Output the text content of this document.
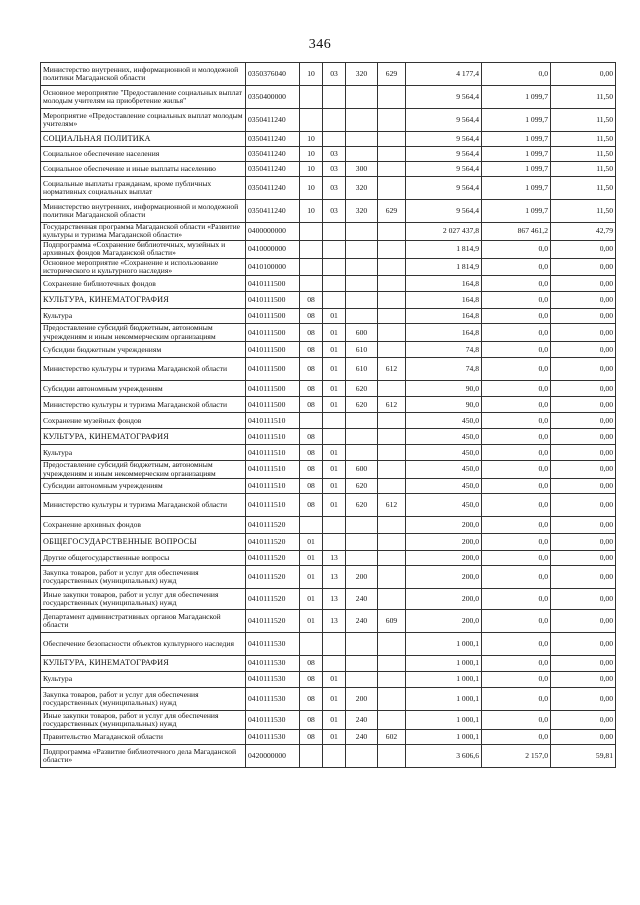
346
Министерство внутренних, информационной и молодежной политики Магаданской области	0350376040	10	03	320	629	4 177,4	0,0	0,00
Основное мероприятие "Предоставление социальных выплат молодым учителям на приобретение жилья"	0350400000					9 564,4	1 099,7	11,50
Мероприятие «Предоставление социальных выплат молодым учителям»	0350411240					9 564,4	1 099,7	11,50
СОЦИАЛЬНАЯ ПОЛИТИКА	0350411240	10				9 564,4	1 099,7	11,50
Социальное обеспечение населения	0350411240	10	03			9 564,4	1 099,7	11,50
Социальное обеспечение и иные выплаты населению	0350411240	10	03	300		9 564,4	1 099,7	11,50
Социальные выплаты гражданам, кроме публичных нормативных социальных выплат	0350411240	10	03	320		9 564,4	1 099,7	11,50
Министерство внутренних, информационной и молодежной политики Магаданской области	0350411240	10	03	320	629	9 564,4	1 099,7	11,50
Государственная программа Магаданской области «Развитие культуры и туризма Магаданской области»	0400000000					2 027 437,8	867 461,2	42,79
Подпрограмма «Сохранение библиотечных, музейных и архивных фондов Магаданской области»	0410000000					1 814,9	0,0	0,00
Основное мероприятие «Сохранение и использование исторического и культурного наследия»	0410100000					1 814,9	0,0	0,00
Сохранение библиотечных фондов	0410111500					164,8	0,0	0,00
КУЛЬТУРА, КИНЕМАТОГРАФИЯ	0410111500	08				164,8	0,0	0,00
Культура	0410111500	08	01			164,8	0,0	0,00
Предоставление субсидий бюджетным, автономным учреждениям и иным некоммерческим организациям	0410111500	08	01	600		164,8	0,0	0,00
Субсидии бюджетным учреждениям	0410111500	08	01	610		74,8	0,0	0,00
Министерство культуры и туризма Магаданской области	0410111500	08	01	610	612	74,8	0,0	0,00
Субсидии автономным учреждениям	0410111500	08	01	620		90,0	0,0	0,00
Министерство культуры и туризма Магаданской области	0410111500	08	01	620	612	90,0	0,0	0,00
Сохранение музейных фондов	0410111510					450,0	0,0	0,00
КУЛЬТУРА, КИНЕМАТОГРАФИЯ	0410111510	08				450,0	0,0	0,00
Культура	0410111510	08	01			450,0	0,0	0,00
Предоставление субсидий бюджетным, автономным учреждениям и иным некоммерческим организациям	0410111510	08	01	600		450,0	0,0	0,00
Субсидии автономным учреждениям	0410111510	08	01	620		450,0	0,0	0,00
Министерство культуры и туризма Магаданской области	0410111510	08	01	620	612	450,0	0,0	0,00
Сохранение архивных фондов	0410111520					200,0	0,0	0,00
ОБЩЕГОСУДАРСТВЕННЫЕ ВОПРОСЫ	0410111520	01				200,0	0,0	0,00
Другие общегосударственные вопросы	0410111520	01	13			200,0	0,0	0,00
Закупка товаров, работ и услуг для обеспечения государственных (муниципальных) нужд	0410111520	01	13	200		200,0	0,0	0,00
Иные закупки товаров, работ и услуг для обеспечения государственных (муниципальных) нужд	0410111520	01	13	240		200,0	0,0	0,00
Департамент административных органов Магаданской области	0410111520	01	13	240	609	200,0	0,0	0,00
Обеспечение безопасности объектов культурного наследия	0410111530					1 000,1	0,0	0,00
КУЛЬТУРА, КИНЕМАТОГРАФИЯ	0410111530	08				1 000,1	0,0	0,00
Культура	0410111530	08	01			1 000,1	0,0	0,00
Закупка товаров, работ и услуг для обеспечения государственных (муниципальных) нужд	0410111530	08	01	200		1 000,1	0,0	0,00
Иные закупки товаров, работ и услуг для обеспечения государственных (муниципальных) нужд	0410111530	08	01	240		1 000,1	0,0	0,00
Правительство Магаданской области	0410111530	08	01	240	602	1 000,1	0,0	0,00
Подпрограмма «Развитие библиотечного дела Магаданской области»	0420000000					3 606,6	2 157,0	59,81
